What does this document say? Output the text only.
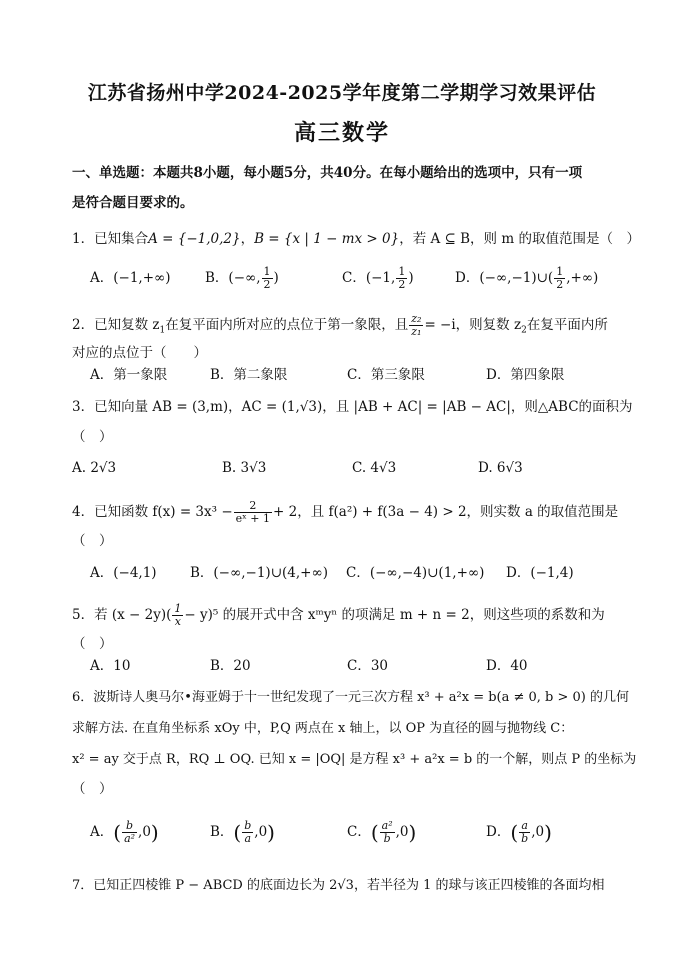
江苏省扬州中学2024-2025学年度第二学期学习效果评估
高三数学
一、单选题：本题共8小题，每小题5分，共40分。在每小题给出的选项中，只有一项
是符合题目要求的。
1．已知集合A = {−1,0,2}，B = {x | 1 − mx > 0}，若 A ⊆ B，则 m 的取值范围是（　）
A．(−1,+∞)	B．(−∞, $\frac{1}{2}$ )	C．(−1, $\frac{1}{2}$ )	D．(−∞,−1)∪( $\frac{1}{2}$ ,+∞)
2．已知复数 $z_1$在复平面内所对应的点位于第一象限，且 $\frac{\text{z₂}}{\text{z₁}} = -i$，则复数 $z_2$在复平面内所
对应的点位于（　　）
A．第一象限	B．第二象限	C．第三象限	D．第四象限
3．已知向量 AB = (3,m)，AC = (1,√3)，且 |AB + AC| = |AB − AC|，则△ABC的面积为
（　）
A. 2√3	B. 3√3	C. 4√3	D. 6√3
4．已知函数 $f(x) = 3x^3 - \frac{2}{\text{eˣ + 1}} + 2$，且 f(a²) + f(3a − 4) > 2，则实数 a 的取值范围是
（　）
A．(−4,1) B．(−∞,−1)∪(4,+∞) C．(−∞,−4)∪(1,+∞) D．(−1,4)
5．若 $(x - 2y)( \frac{1}{x} - y)^5$ 的展开式中含 xᵐyⁿ 的项满足 m + n = 2，则这些项的系数和为
（　）
A．10	B．20	C．30	D．40
6．波斯诗人奥马尔•海亚姆于十一世纪发现了一元三次方程 x³ + a²x = b(a ≠ 0, b > 0) 的几何
求解方法. 在直角坐标系 xOy 中，P,Q 两点在 x 轴上，以 OP 为直径的圆与抛物线 C：
x² = ay 交于点 R，RQ ⊥ OQ. 已知 x = |OQ| 是方程 x³ + a²x = b 的一个解，则点 P 的坐标为
（　）
A．( $\frac{b}{\text{a²}} ,0$)	B．( $\frac{b}{a} ,0$)	C．( $\frac{\text{a²}}{b} ,0$)	D．( $\frac{a}{b} ,0$)
7．已知正四棱锥 P − ABCD 的底面边长为 2√3，若半径为 1 的球与该正四棱锥的各面均相
